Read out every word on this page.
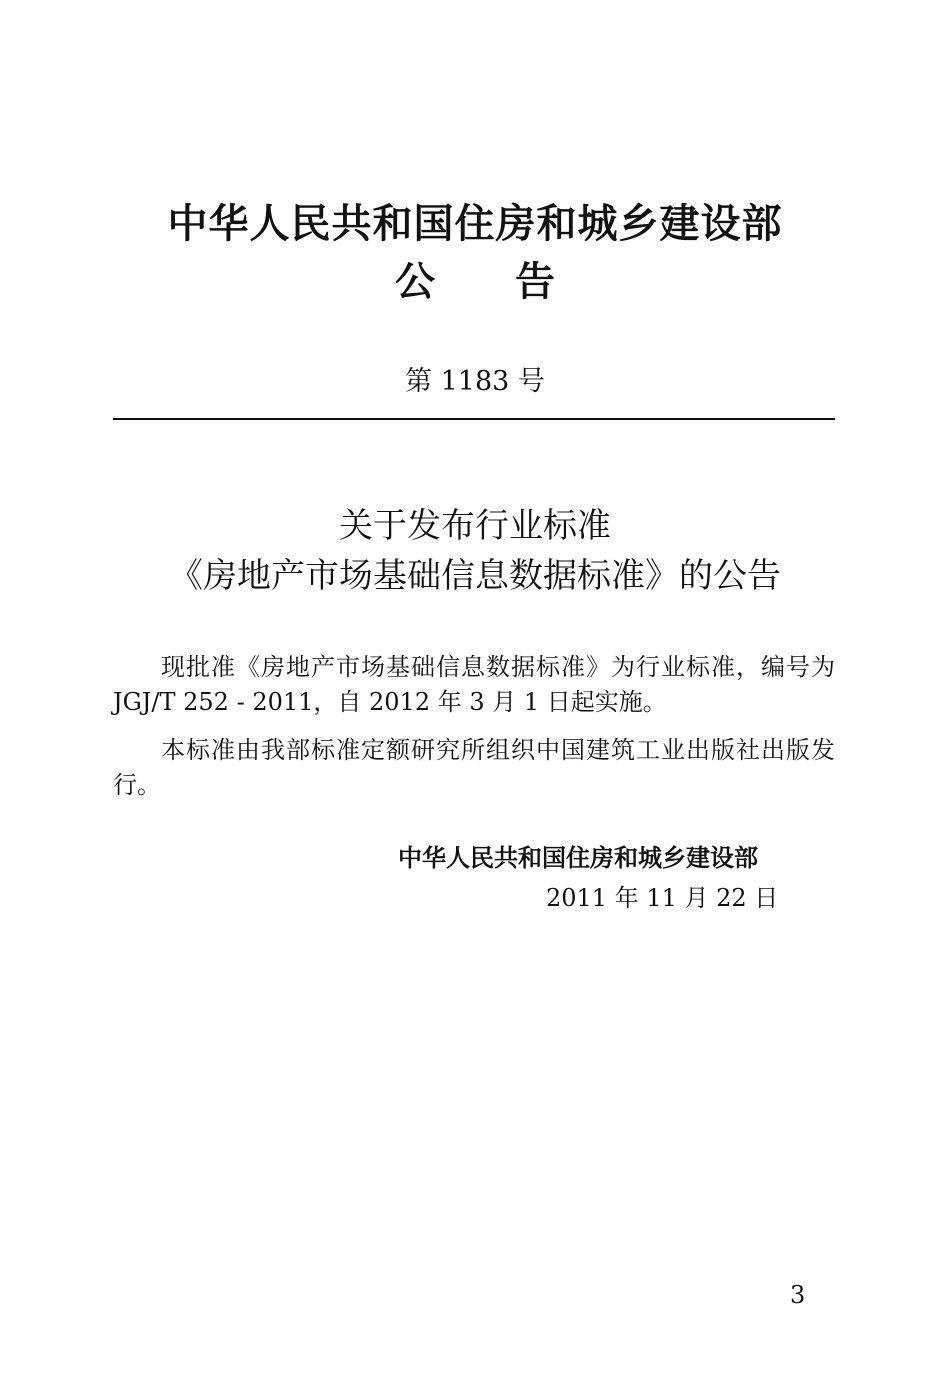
中华人民共和国住房和城乡建设部
公 告
第 1183 号
关于发布行业标准
《房地产市场基础信息数据标准》的公告

现批准《房地产市场基础信息数据标准》为行业标准，编号为 JGJ/T 252 - 2011，自 2012 年 3 月 1 日起实施。

本标准由我部标准定额研究所组织中国建筑工业出版社出版发行。

中华人民共和国住房和城乡建设部
2011 年 11 月 22 日
3
